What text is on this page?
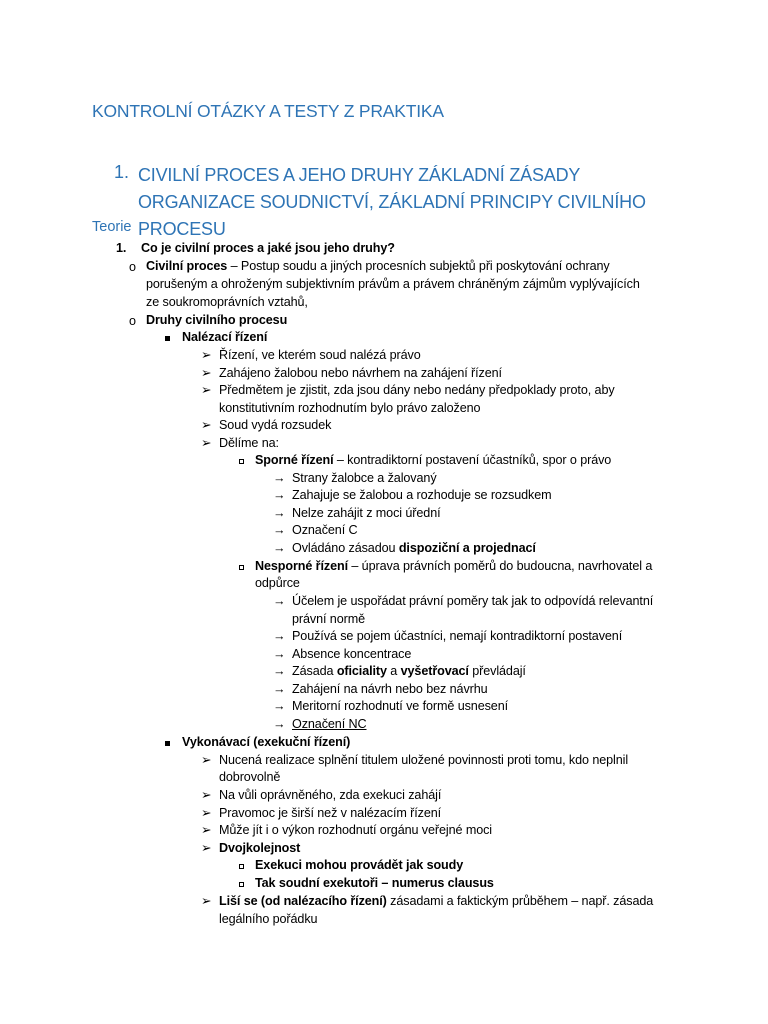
KONTROLNÍ OTÁZKY A TESTY Z PRAKTIKA
1. CIVILNÍ PROCES A JEHO DRUHY ZÁKLADNÍ ZÁSADY ORGANIZACE SOUDNICTVÍ, ZÁKLADNÍ PRINCIPY CIVILNÍHO PROCESU
Teorie
1. Co je civilní proces a jaké jsou jeho druhy?
o Civilní proces – Postup soudu a jiných procesních subjektů při poskytování ochrany
porušeným a ohroženým subjektivním právům a právem chráněným zájmům vyplývajících
ze soukromoprávních vztahů,
o Druhy civilního procesu
Nalézací řízení
➢ Řízení, ve kterém soud nalézá právo
➢ Zahájeno žalobou nebo návrhem na zahájení řízení
➢ Předmětem je zjistit, zda jsou dány nebo nedány předpoklady proto, aby
konstitutivním rozhodnutím bylo právo založeno
➢ Soud vydá rozsudek
➢ Dělíme na:
Sporné řízení – kontradiktorní postavení účastníků, spor o právo
→ Strany žalobce a žalovaný
→ Zahajuje se žalobou a rozhoduje se rozsudkem
→ Nelze zahájit z moci úřední
→ Označení C
→ Ovládáno zásadou dispoziční a projednací
Nesporné řízení – úprava právních poměrů do budoucna, navrhovatel a
odpůrce
→ Účelem je uspořádat právní poměry tak jak to odpovídá relevantní
právní normě
→ Používá se pojem účastníci, nemají kontradiktorní postavení
→ Absence koncentrace
→ Zásada oficiality a vyšetřovací převládají
→ Zahájení na návrh nebo bez návrhu
→ Meritorní rozhodnutí ve formě usnesení
→ Označení NC
Vykonávací (exekuční řízení)
➢ Nucená realizace splnění titulem uložené povinnosti proti tomu, kdo neplnil
dobrovolně
➢ Na vůli oprávněného, zda exekuci zahájí
➢ Pravomoc je širší než v nalézacím řízení
➢ Může jít i o výkon rozhodnutí orgánu veřejné moci
➢ Dvojkolejnost
Exekuci mohou provádět jak soudy
Tak soudní exekutoři – numerus clausus
➢ Liší se (od nalézacího řízení) zásadami a faktickým průběhem – např. zásada
legálního pořádku
